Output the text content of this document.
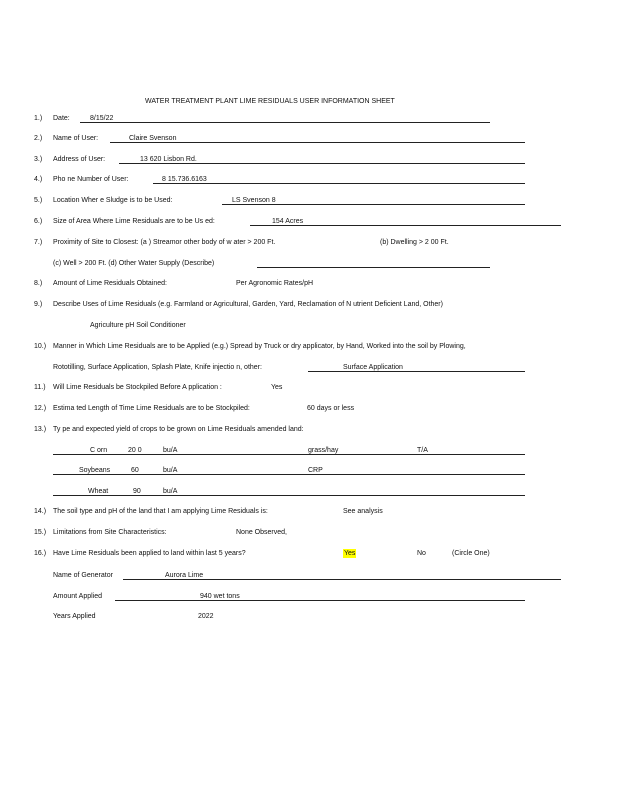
WATER TREATMENT PLANT LIME RESIDUALS USER INFORMATION SHEET
1.) Date:	8/15/22
2.) Name of User:	Claire Svenson
3.) Address of User:	13 620 Lisbon Rd.
4.) Pho ne Number of User:	8 15.736.6163
5.) Location Wher e Sludge is to be Used:	LS Svenson 8
6.) Size of Area Where Lime Residuals are to be Us ed:	154 Acres
7.) Proximity of Site to Closest: (a ) Streamor other body of w ater > 200 Ft.	(b) Dwelling > 2 00 Ft.
(c) Well > 200 Ft. (d) Other Water Supply (Describe)
8.) Amount of Lime Residuals Obtained:	Per Agronomic Rates/pH
9.) Describe Uses of Lime Residuals (e.g. Farmland or Agricultural, Garden, Yard, Reclamation of N utrient Deficient Land, Other)
Agriculture pH Soil Conditioner
10.) Manner in Which Lime Residuals are to be Applied (e.g.) Spread by Truck or dry applicator, by Hand, Worked into the soil by Plowing,
Rototilling, Surface Application, Splash Plate, Knife injectio n, other:	Surface Application
11.) Will Lime Residuals be Stockpiled Before A pplication :	Yes
12.) Estima ted Length of Time Lime Residuals are to be Stockpiled:	60 days or less
13.) Ty pe and expected yield of crops to be grown on Lime Residuals amended land:
C orn	20 0	bu/A	grass/hay	T/A
Soybeans	60	bu/A	CRP
Wheat	90	bu/A
14.) The soil type and pH of the land that I am applying Lime Residuals is:	See analysis
15.) Limitations from Site Characteristics:	None Observed,
16.) Have Lime Residuals been applied to land within last 5 years?	Yes	No	(Circle One)
Name of Generator	Aurora Lime
Amount Applied	940 wet tons
Years Applied	2022
